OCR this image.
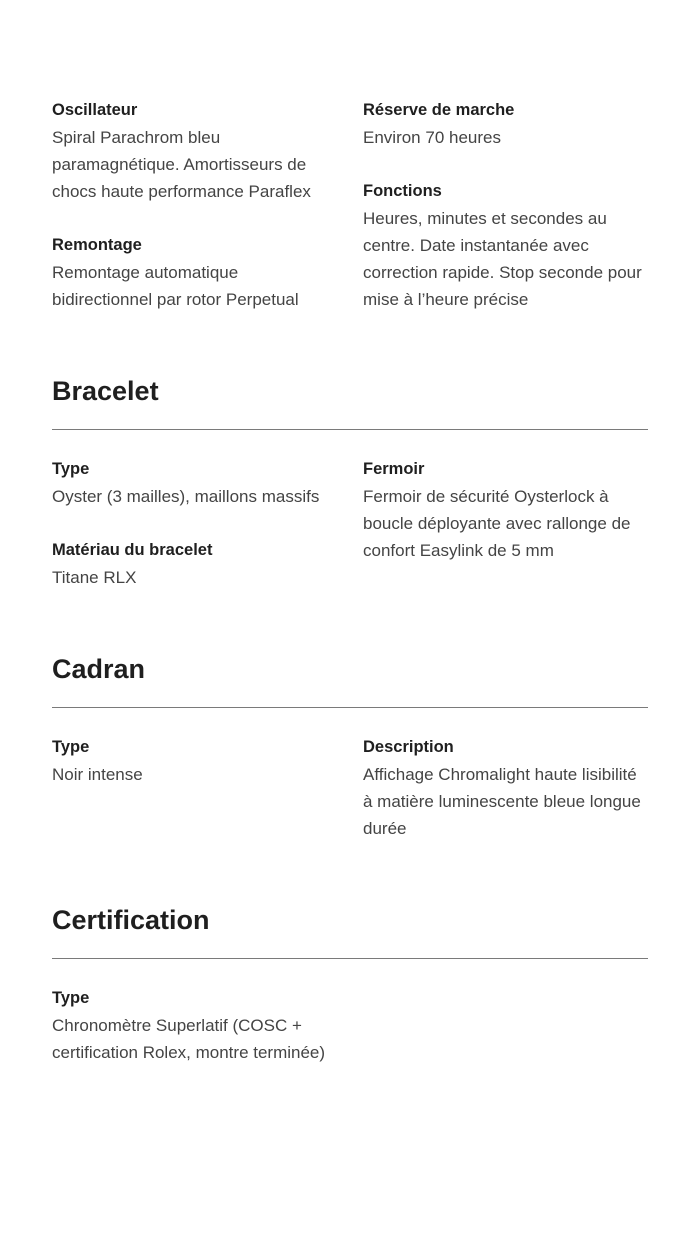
Oscillateur
Spiral Parachrom bleu paramagnétique. Amortisseurs de chocs haute performance Paraflex
Remontage
Remontage automatique bidirectionnel par rotor Perpetual
Réserve de marche
Environ 70 heures
Fonctions
Heures, minutes et secondes au centre. Date instantanée avec correction rapide. Stop seconde pour mise à l’heure précise
Bracelet
Type
Oyster (3 mailles), maillons massifs
Matériau du bracelet
Titane RLX
Fermoir
Fermoir de sécurité Oysterlock à boucle déployante avec rallonge de confort Easylink de 5 mm
Cadran
Type
Noir intense
Description
Affichage Chromalight haute lisibilité à matière luminescente bleue longue durée
Certification
Type
Chronomètre Superlatif (COSC + certification Rolex, montre terminée)
